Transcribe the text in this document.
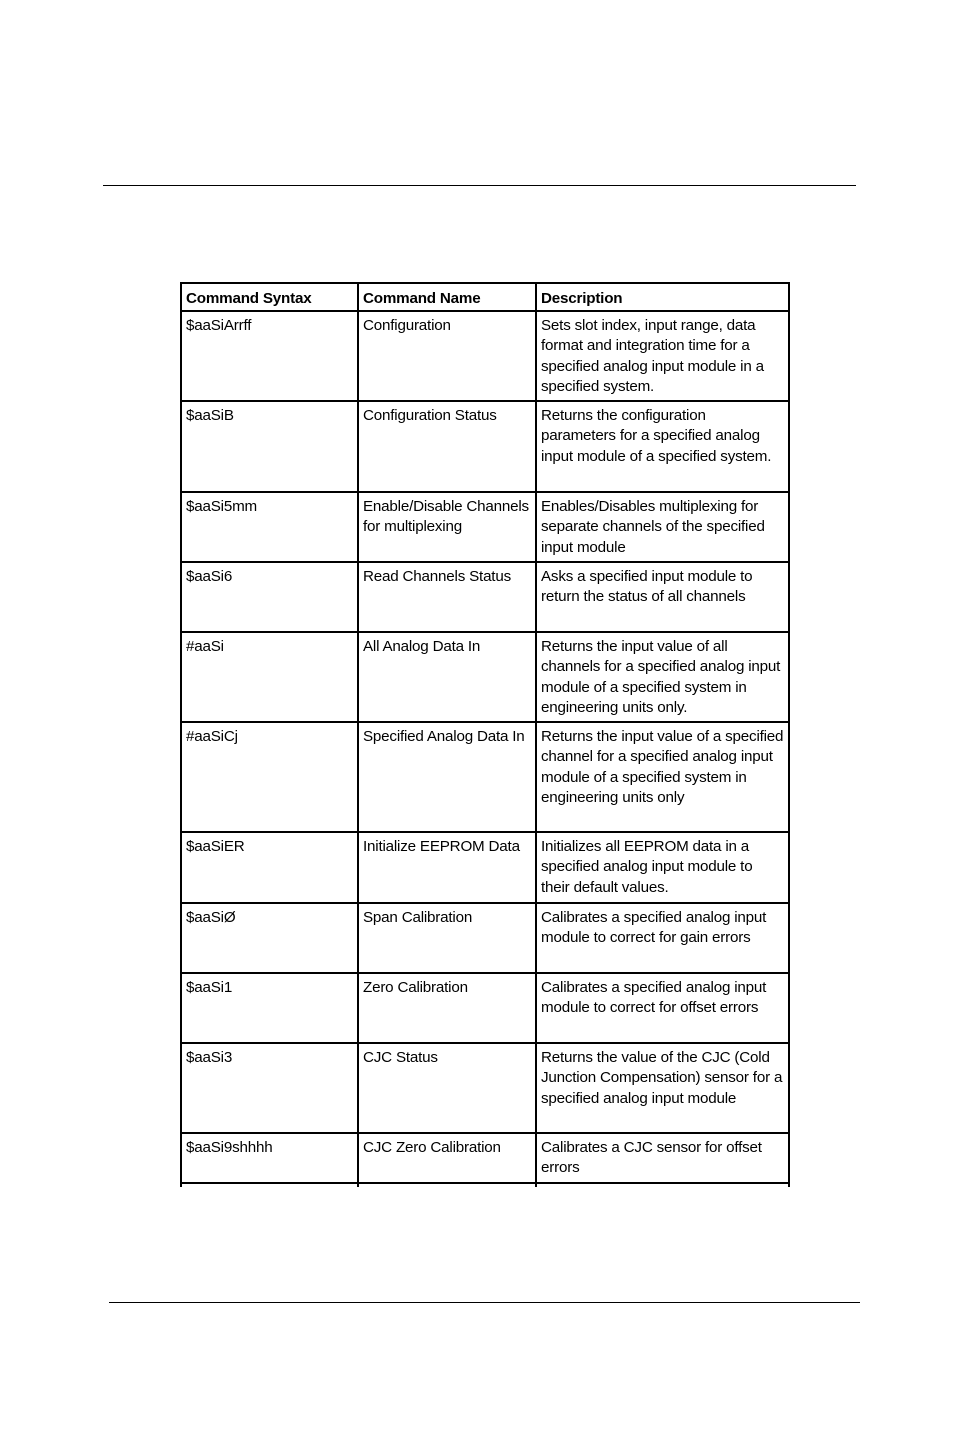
Command Syntax	Command Name	Description
$aaSiArrff	Configuration	Sets slot index, input range, data format and integration time for a specified analog input module in a specified system.
$aaSiB	Configuration Status	Returns the configuration parameters for a specified analog input module of a specified system.
$aaSi5mm	Enable/Disable Channels for multiplexing	Enables/Disables multiplexing for separate channels of the specified input module
$aaSi6	Read Channels Status	Asks a specified input module to return the status of all channels
#aaSi	All Analog Data In	Returns the input value of all channels for a specified analog input module of a specified system in engineering units only.
#aaSiCj	Specified Analog Data In	Returns the input value of a specified channel for a specified analog input module of a specified system in engineering units only
$aaSiER	Initialize EEPROM Data	Initializes all EEPROM data in a specified analog input module to their default values.
$aaSiØ	Span Calibration	Calibrates a specified analog input module to correct for gain errors
$aaSi1	Zero Calibration	Calibrates a specified analog input module to correct for offset errors
$aaSi3	CJC Status	Returns the value of the CJC (Cold Junction Compensation) sensor for a specified analog input module
$aaSi9shhhh	CJC Zero Calibration	Calibrates a CJC sensor for offset errors
